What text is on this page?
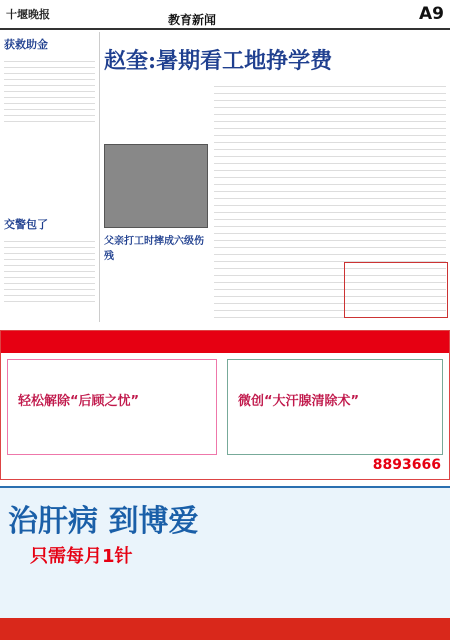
十堰晚报	教育新闻	A9
获救助金
交警包了
赵奎:暑期看工地挣学费
父亲打工时摔成六级伤残
轻松解除“后顾之忧”	微创“大汗腺清除术”
8893666
治肝病 到博爱
只需每月1针
